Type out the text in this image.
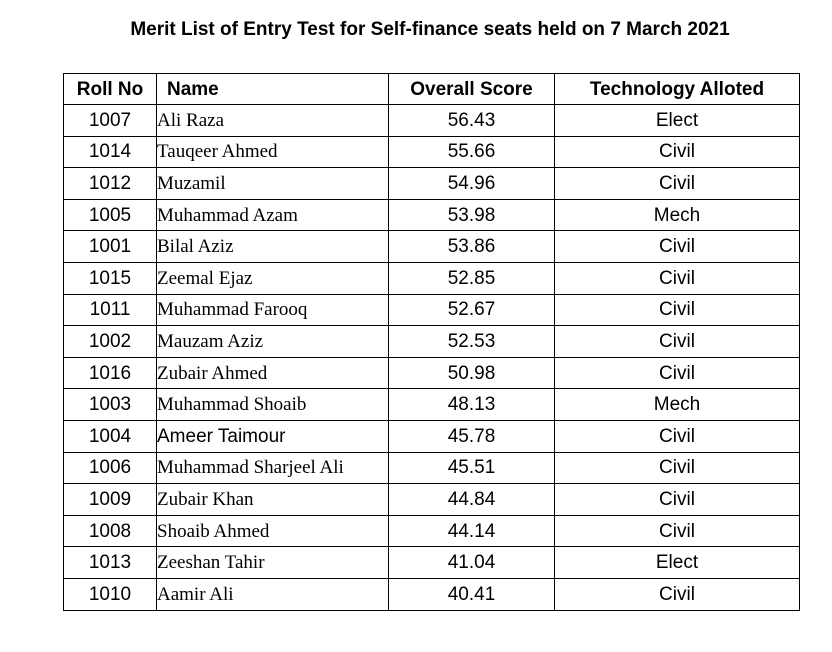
Merit List of Entry Test for Self-finance seats held on 7 March 2021
Roll No	Name	Overall Score	Technology Alloted
1007	Ali Raza	56.43	Elect
1014	Tauqeer Ahmed	55.66	Civil
1012	Muzamil	54.96	Civil
1005	Muhammad Azam	53.98	Mech
1001	Bilal Aziz	53.86	Civil
1015	Zeemal Ejaz	52.85	Civil
1011	Muhammad Farooq	52.67	Civil
1002	Mauzam Aziz	52.53	Civil
1016	Zubair Ahmed	50.98	Civil
1003	Muhammad Shoaib	48.13	Mech
1004	Ameer Taimour	45.78	Civil
1006	Muhammad Sharjeel Ali	45.51	Civil
1009	Zubair Khan	44.84	Civil
1008	Shoaib Ahmed	44.14	Civil
1013	Zeeshan Tahir	41.04	Elect
1010	Aamir Ali	40.41	Civil
